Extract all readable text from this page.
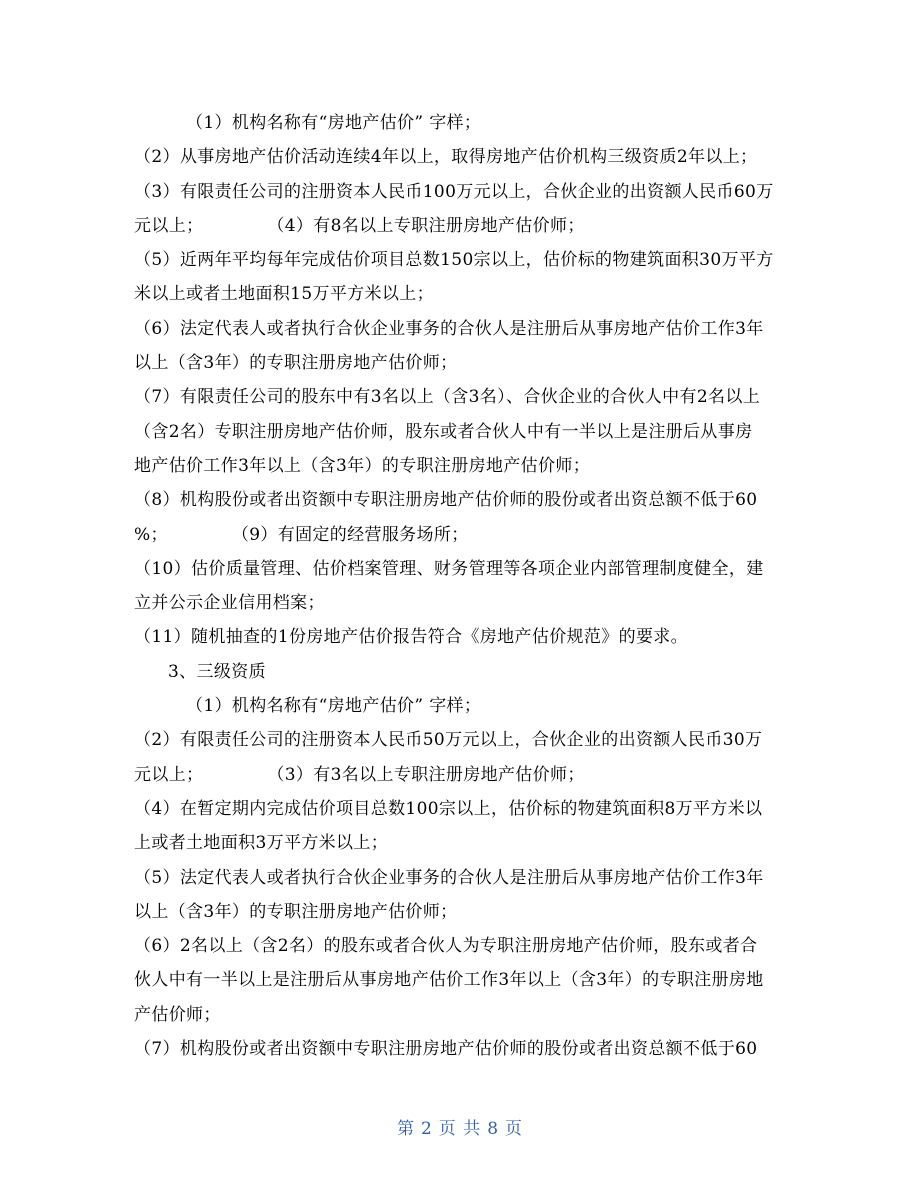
（1）机构名称有“房地产估价” 字样；
（2）从事房地产估价活动连续4年以上，取得房地产估价机构三级资质2年以上；
（3）有限责任公司的注册资本人民币100万元以上，合伙企业的出资额人民币60万
元以上；	（4）有8名以上专职注册房地产估价师；
（5）近两年平均每年完成估价项目总数150宗以上，估价标的物建筑面积30万平方
米以上或者土地面积15万平方米以上；
（6）法定代表人或者执行合伙企业事务的合伙人是注册后从事房地产估价工作3年
以上（含3年）的专职注册房地产估价师；
（7）有限责任公司的股东中有3名以上（含3名）、合伙企业的合伙人中有2名以上
（含2名）专职注册房地产估价师，股东或者合伙人中有一半以上是注册后从事房
地产估价工作3年以上（含3年）的专职注册房地产估价师；
（8）机构股份或者出资额中专职注册房地产估价师的股份或者出资总额不低于60
%；	（9）有固定的经营服务场所；
（10）估价质量管理、估价档案管理、财务管理等各项企业内部管理制度健全，建
立并公示企业信用档案；
（11）随机抽查的1份房地产估价报告符合《房地产估价规范》的要求。
3、三级资质
（1）机构名称有“房地产估价” 字样；
（2）有限责任公司的注册资本人民币50万元以上，合伙企业的出资额人民币30万
元以上；	（3）有3名以上专职注册房地产估价师；
（4）在暂定期内完成估价项目总数100宗以上，估价标的物建筑面积8万平方米以
上或者土地面积3万平方米以上；
（5）法定代表人或者执行合伙企业事务的合伙人是注册后从事房地产估价工作3年
以上（含3年）的专职注册房地产估价师；
（6）2名以上（含2名）的股东或者合伙人为专职注册房地产估价师，股东或者合
伙人中有一半以上是注册后从事房地产估价工作3年以上（含3年）的专职注册房地
产估价师；
（7）机构股份或者出资额中专职注册房地产估价师的股份或者出资总额不低于60
第 2 页 共 8 页
